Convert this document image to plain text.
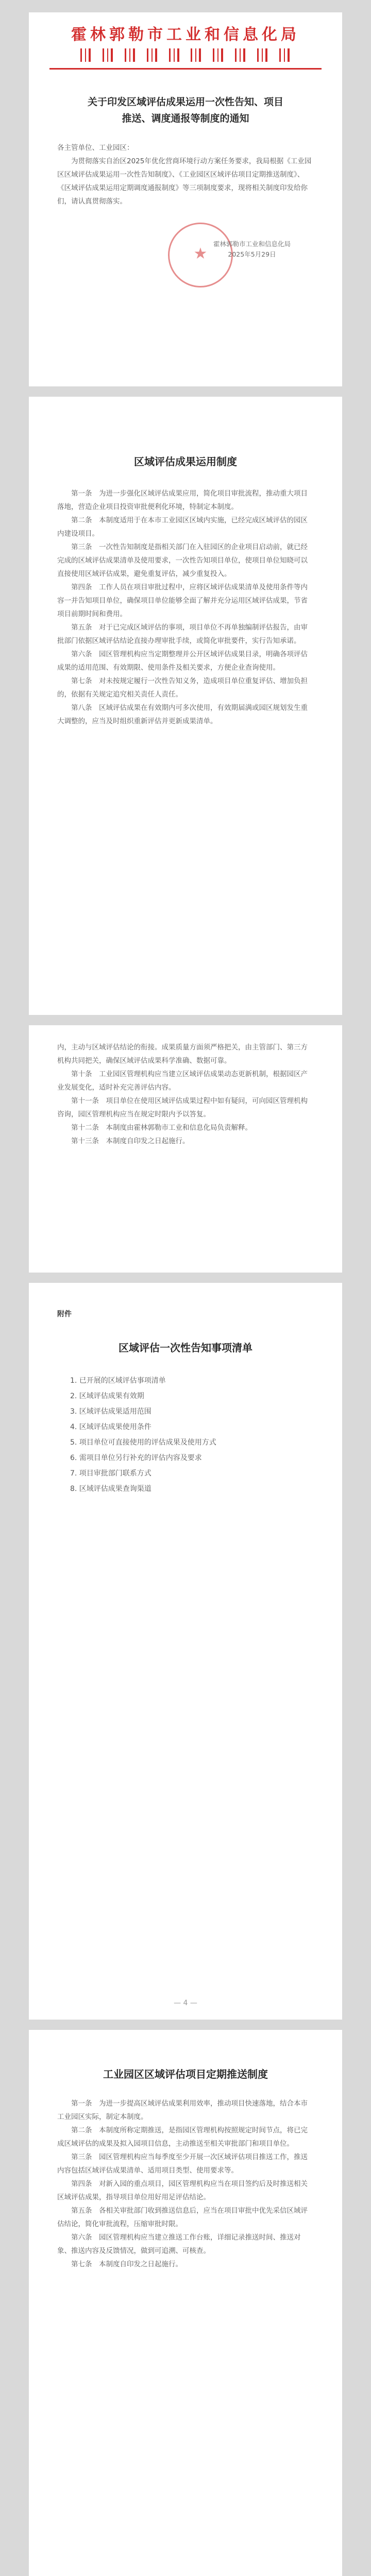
霍林郭勒市工业和信息化局
关于印发区域评估成果运用一次性告知、项目
推送、调度通报等制度的通知

各主管单位、工业园区：

为贯彻落实自治区2025年优化营商环境行动方案任务要求，我局根据《工业园区区域评估成果运用一次性告知制度》、《工业园区区域评估项目定期推送制度》、《区域评估成果运用定期调度通报制度》等三项制度要求，现将相关制度印发给你们，请认真贯彻落实。

★
霍林郭勒市工业和信息化局
2025年5月29日
区域评估成果运用制度

第一条　为进一步强化区域评估成果应用，简化项目审批流程，推动重大项目落地，营造企业项目投资审批便利化环境，特制定本制度。

第二条　本制度适用于在本市工业园区区域内实施，已经完成区域评估的园区内建设项目。

第三条　一次性告知制度是指相关部门在入驻园区的企业项目启动前，就已经完成的区域评估成果清单及使用要求，一次性告知项目单位，使项目单位知晓可以直接使用区域评估成果，避免重复评估，减少重复投入。

第四条　工作人员在项目审批过程中，应将区域评估成果清单及使用条件等内容一并告知项目单位，确保项目单位能够全面了解并充分运用区域评估成果，节省项目前期时间和费用。

第五条　对于已完成区域评估的事项，项目单位不再单独编制评估报告，由审批部门依据区域评估结论直接办理审批手续，或简化审批要件，实行告知承诺。

第六条　园区管理机构应当定期整理并公开区域评估成果目录，明确各项评估成果的适用范围、有效期限、使用条件及相关要求，方便企业查询使用。

第七条　对未按规定履行一次性告知义务，造成项目单位重复评估、增加负担的，依据有关规定追究相关责任人责任。

第八条　区域评估成果在有效期内可多次使用，有效期届满或园区规划发生重大调整的，应当及时组织重新评估并更新成果清单。

内，主动与区域评估结论的衔接。成果质量方面须严格把关，由主管部门、第三方机构共同把关，确保区域评估成果科学准确、数据可靠。

第十条　工业园区管理机构应当建立区域评估成果动态更新机制，根据园区产业发展变化，适时补充完善评估内容。

第十一条　项目单位在使用区域评估成果过程中如有疑问，可向园区管理机构咨询，园区管理机构应当在规定时限内予以答复。

第十二条　本制度由霍林郭勒市工业和信息化局负责解释。

第十三条　本制度自印发之日起施行。

附件
区域评估一次性告知事项清单
1. 已开展的区域评估事项清单
2. 区域评估成果有效期
3. 区域评估成果适用范围
4. 区域评估成果使用条件
5. 项目单位可直接使用的评估成果及使用方式
6. 需项目单位另行补充的评估内容及要求
7. 项目审批部门联系方式
8. 区域评估成果查询渠道
— 4 —
工业园区区域评估项目定期推送制度

第一条　为进一步提高区域评估成果利用效率，推动项目快速落地，结合本市工业园区实际，制定本制度。

第二条　本制度所称定期推送，是指园区管理机构按照规定时间节点，将已完成区域评估的成果及拟入园项目信息，主动推送至相关审批部门和项目单位。

第三条　园区管理机构应当每季度至少开展一次区域评估项目推送工作，推送内容包括区域评估成果清单、适用项目类型、使用要求等。

第四条　对新入园的重点项目，园区管理机构应当在项目签约后及时推送相关区域评估成果，指导项目单位用好用足评估结论。

第五条　各相关审批部门收到推送信息后，应当在项目审批中优先采信区域评估结论，简化审批流程，压缩审批时限。

第六条　园区管理机构应当建立推送工作台账，详细记录推送时间、推送对象、推送内容及反馈情况，做到可追溯、可核查。

第七条　本制度自印发之日起施行。
